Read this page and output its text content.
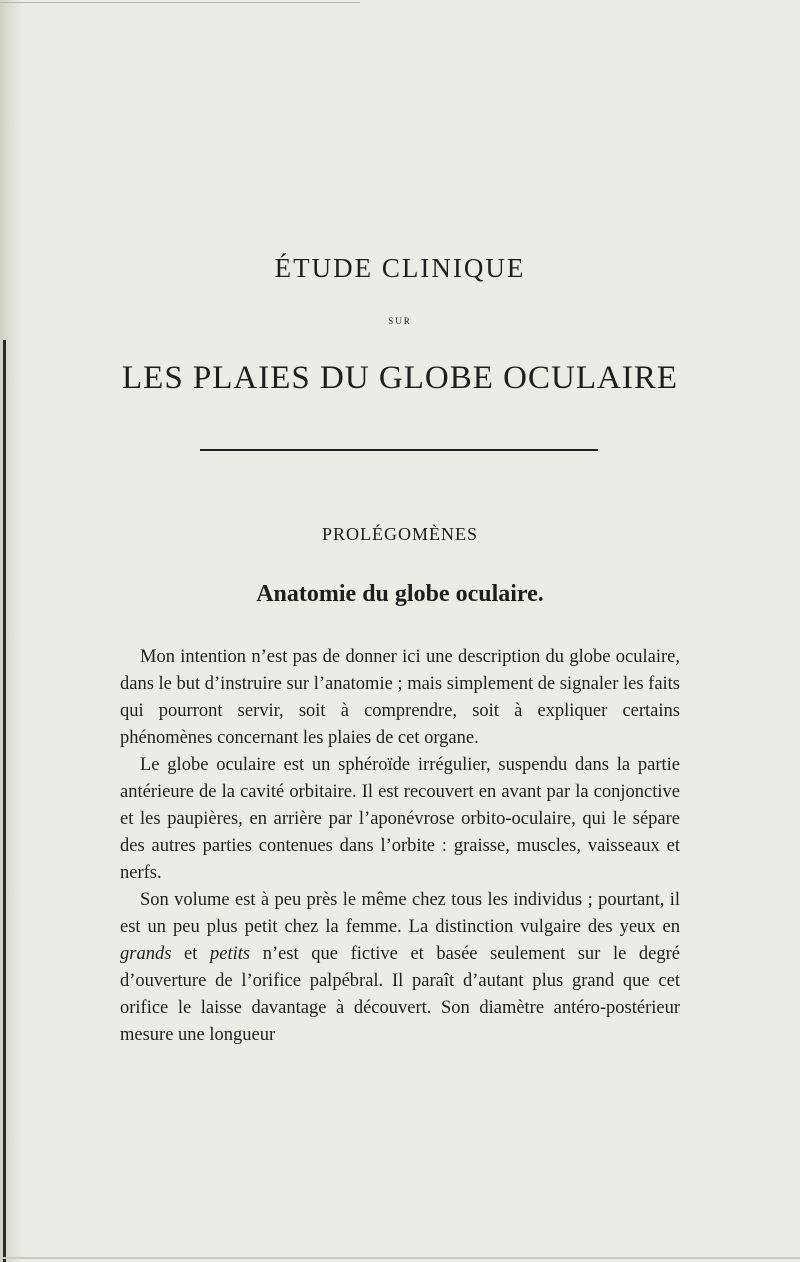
ÉTUDE CLINIQUE
SUR
LES PLAIES DU GLOBE OCULAIRE
PROLÉGOMÈNES
Anatomie du globe oculaire.

Mon intention n’est pas de donner ici une description du globe oculaire, dans le but d’instruire sur l’anatomie ; mais simplement de signaler les faits qui pourront servir, soit à comprendre, soit à expliquer certains phénomènes concernant les plaies de cet organe.

Le globe oculaire est un sphéroïde irrégulier, suspendu dans la partie antérieure de la cavité orbitaire. Il est recouvert en avant par la conjonctive et les paupières, en arrière par l’aponévrose orbito-oculaire, qui le sépare des autres parties contenues dans l’orbite : graisse, muscles, vaisseaux et nerfs.

Son volume est à peu près le même chez tous les individus ; pourtant, il est un peu plus petit chez la femme. La distinction vulgaire des yeux en grands et petits n’est que fictive et basée seulement sur le degré d’ouverture de l’orifice palpébral. Il paraît d’autant plus grand que cet orifice le laisse davantage à découvert. Son diamètre antéro-postérieur mesure une longueur
